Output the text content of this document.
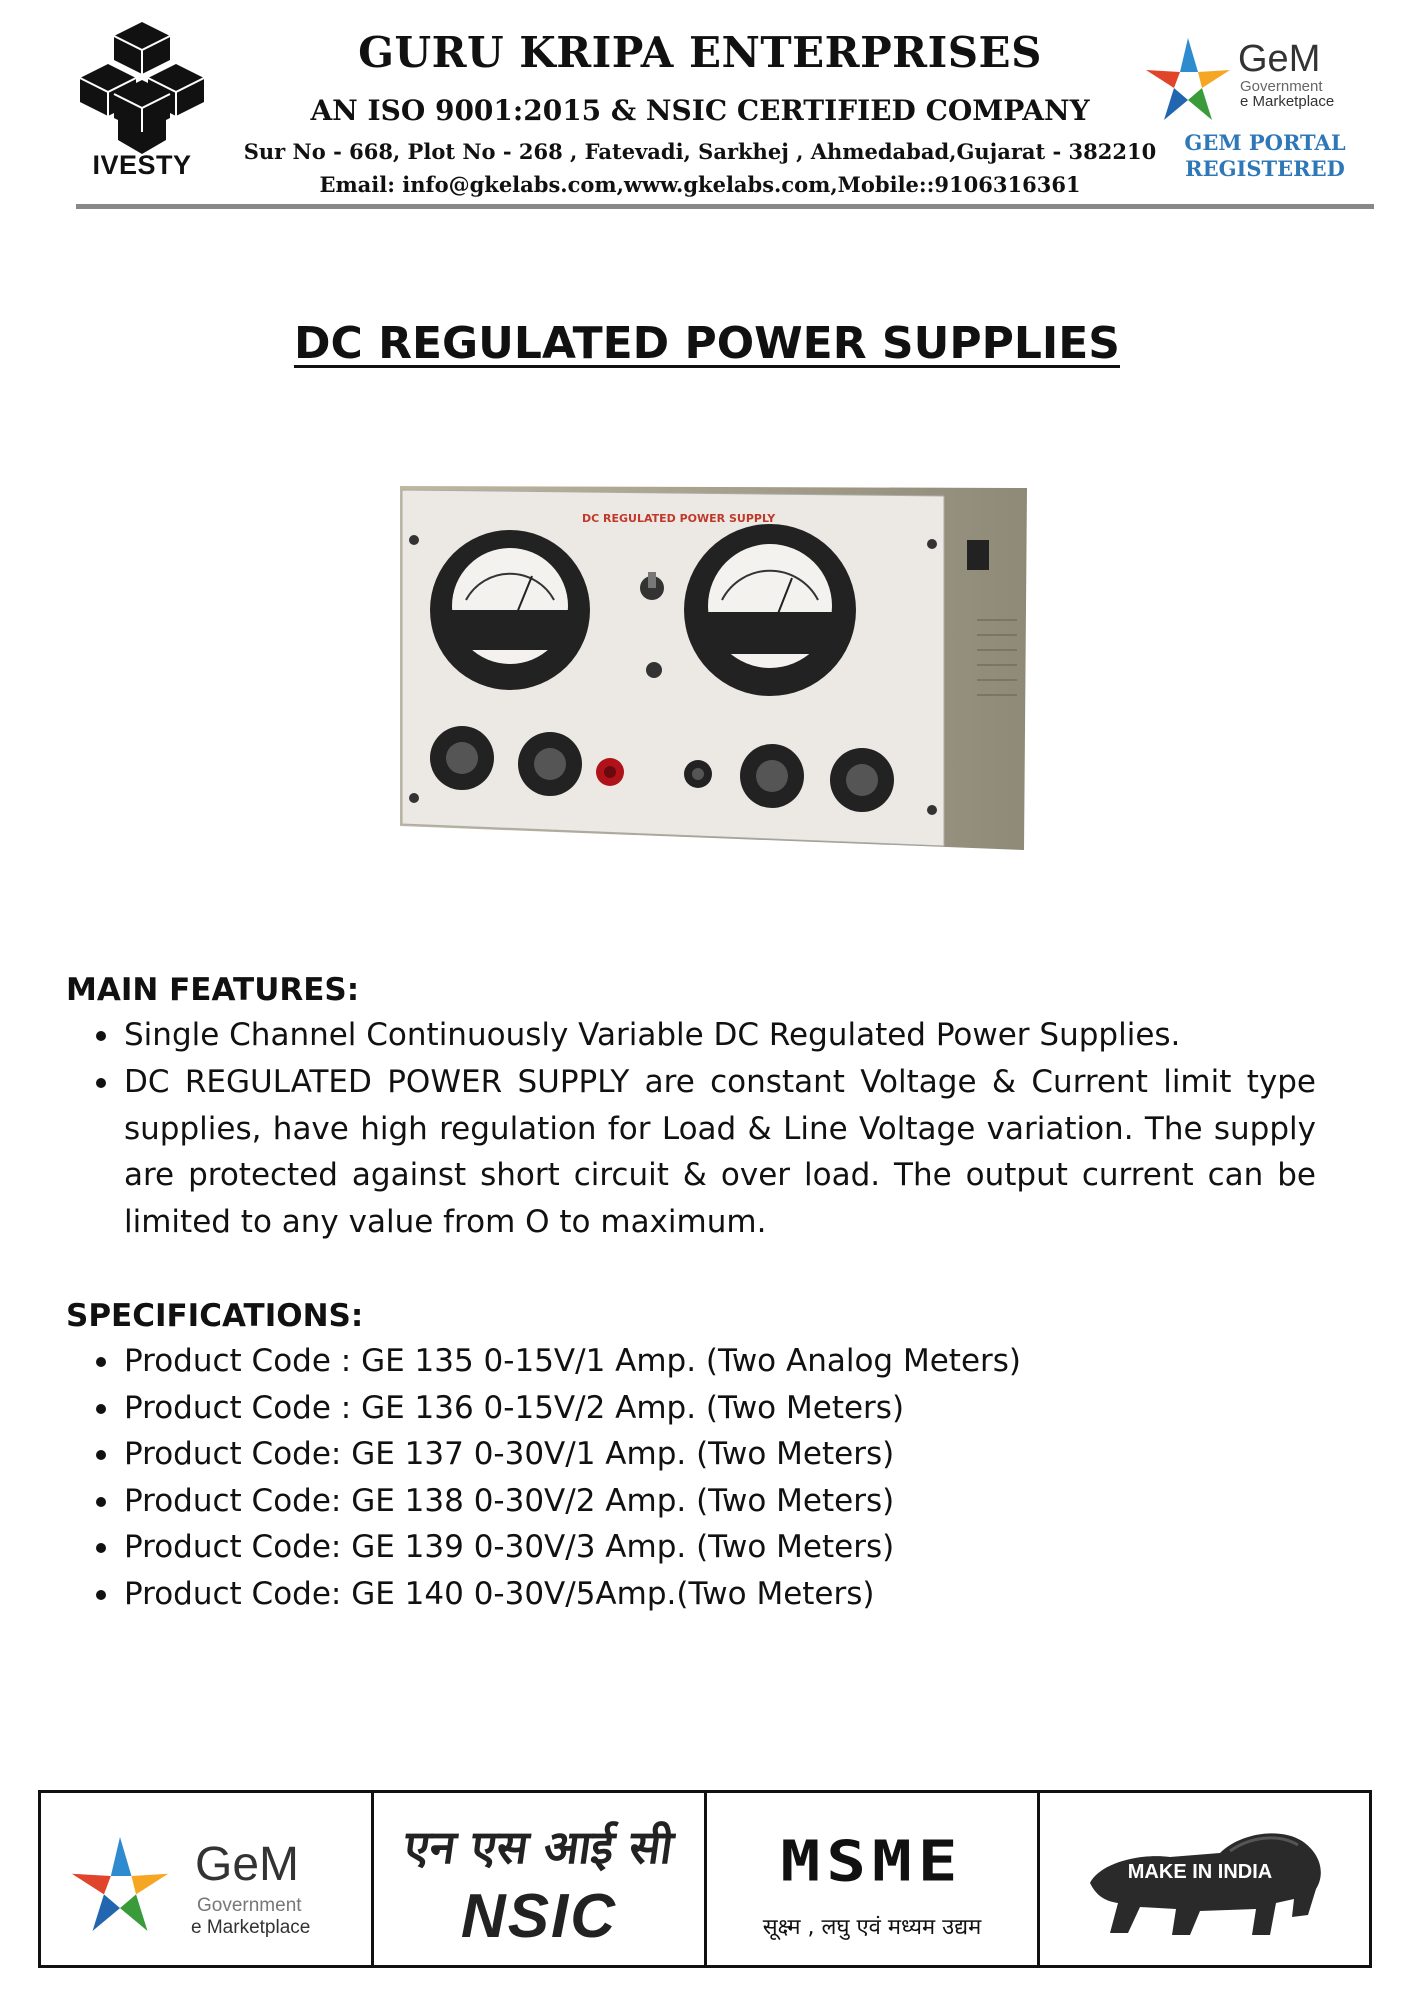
IVESTY
GURU KRIPA ENTERPRISES
AN ISO 9001:2015 & NSIC CERTIFIED COMPANY
Sur No - 668, Plot No - 268 , Fatevadi, Sarkhej , Ahmedabad,Gujarat - 382210
Email: info@gkelabs.com,www.gkelabs.com,Mobile::9106316361
GeM
Government
e Marketplace
GEM PORTAL
REGISTERED
DC REGULATED POWER SUPPLIES
DC REGULATED POWER SUPPLY
MAIN FEATURES:
Single Channel Continuously Variable DC Regulated Power Supplies.
DC REGULATED POWER SUPPLY are constant Voltage & Current limit type supplies, have high regulation for Load & Line Voltage variation. The supply are protected against short circuit & over load. The output current can be limited to any value from O to maximum.
SPECIFICATIONS:
Product Code : GE 135 0-15V/1 Amp. (Two Analog Meters)
Product Code : GE 136 0-15V/2 Amp. (Two Meters)
Product Code: GE 137 0-30V/1 Amp. (Two Meters)
Product Code: GE 138 0-30V/2 Amp. (Two Meters)
Product Code: GE 139 0-30V/3 Amp. (Two Meters)
Product Code: GE 140 0-30V/5Amp.(Two Meters)
GeM
Government
e Marketplace
एन एस आई सी
NSIC
MSME
सूक्ष्म , लघु एवं मध्यम उद्यम
MAKE IN INDIA
